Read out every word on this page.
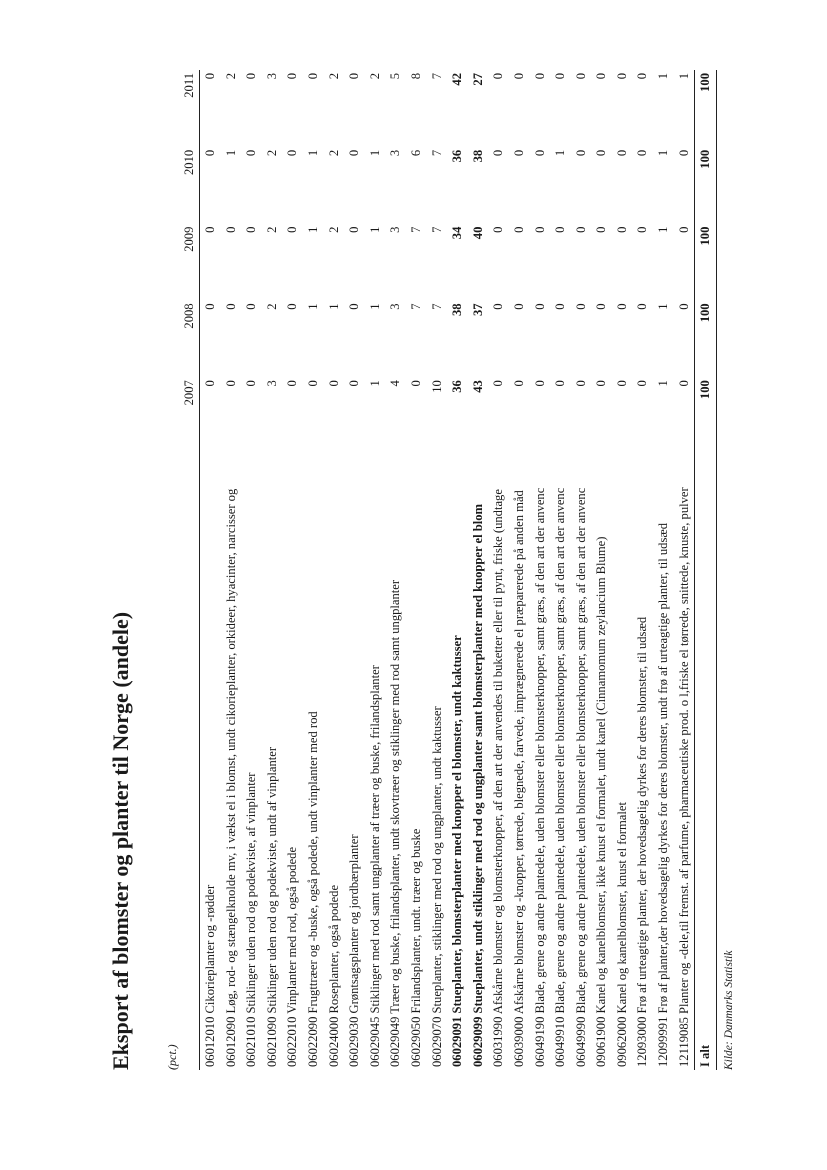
Eksport af blomster og planter til Norge (andele)	(pct.)
	2007	2008	2009	2010	2011
06012010 Cikorieplanter og -rødder	0	0	0	0	0
06012090 Løg, rod- og stængelknolde mv, i vækst el i blomst, undt cikorieplanter, orkideer, hyacinter, narcisser og	0	0	0	1	2
06021010 Stiklinger uden rod og podekviste, af vinplanter	0	0	0	0	0
06021090 Stiklinger uden rod og podekviste, undt af vinplanter	3	2	2	2	3
06022010 Vinplanter med rod, også podede	0	0	0	0	0
06022090 Frugttræer og -buske, også podede, undt vinplanter med rod	0	1	1	1	0
06024000 Roseplanter, også podede	0	1	2	2	2
06029030 Grøntsagsplanter og jordbærplanter	0	0	0	0	0
06029045 Stiklinger med rod samt ungplanter af træer og buske, frilandsplanter	1	1	1	1	2
06029049 Træer og buske, frilandsplanter, undt skovtræer og stiklinger med rod samt ungplanter	4	3	3	3	5
06029050 Frilandsplanter, undt. træer og buske	0	7	7	6	8
06029070 Stueplanter, stiklinger med rod og ungplanter, undt kaktusser	10	7	7	7	7
06029091 Stueplanter, blomsterplanter med knopper el blomster, undt kaktusser	36	38	34	36	42
06029099 Stueplanter, undt stiklinger med rod og ungplanter samt blomsterplanter med knopper el blom	43	37	40	38	27
06031990 Afskårne blomster og blomsterknopper, af den art der anvendes til buketter eller til pynt, friske (undtage	0	0	0	0	0
06039000 Afskårne blomster og -knopper, tørrede, blegnede, farvede, imprægnerede el præparerede på anden måd	0	0	0	0	0
06049190 Blade, grene og andre plantedele, uden blomster eller blomsterknopper, samt græs, af den art der anvenc	0	0	0	0	0
06049910 Blade, grene og andre plantedele, uden blomster eller blomsterknopper, samt græs, af den art der anvenc	0	0	0	1	0
06049990 Blade, grene og andre plantedele, uden blomster eller blomsterknopper, samt græs, af den art der anvenc	0	0	0	0	0
09061900 Kanel og kanelblomster, ikke knust el formalet, undt kanel (Cinnamomum zeylancium Blume)	0	0	0	0	0
09062000 Kanel og kanelblomster, knust el formalet	0	0	0	0	0
12093000 Frø af urteagtige planter, der hovedsagelig dyrkes for deres blomster, til udsæd	0	0	0	0	0
12099991 Frø af planter,der hovedsagelig dyrkes for deres blomster, undt frø af urteagtige planter, til udsæd	1	1	1	1	1
12119085 Planter og -dele,til fremst. af parfume, pharmaceutiske prod. o l,friske el tørrede, snittede, knuste, pulver	0	0	0	0	1
I alt	100	100	100	100	100
Kilde: Danmarks Statistik
